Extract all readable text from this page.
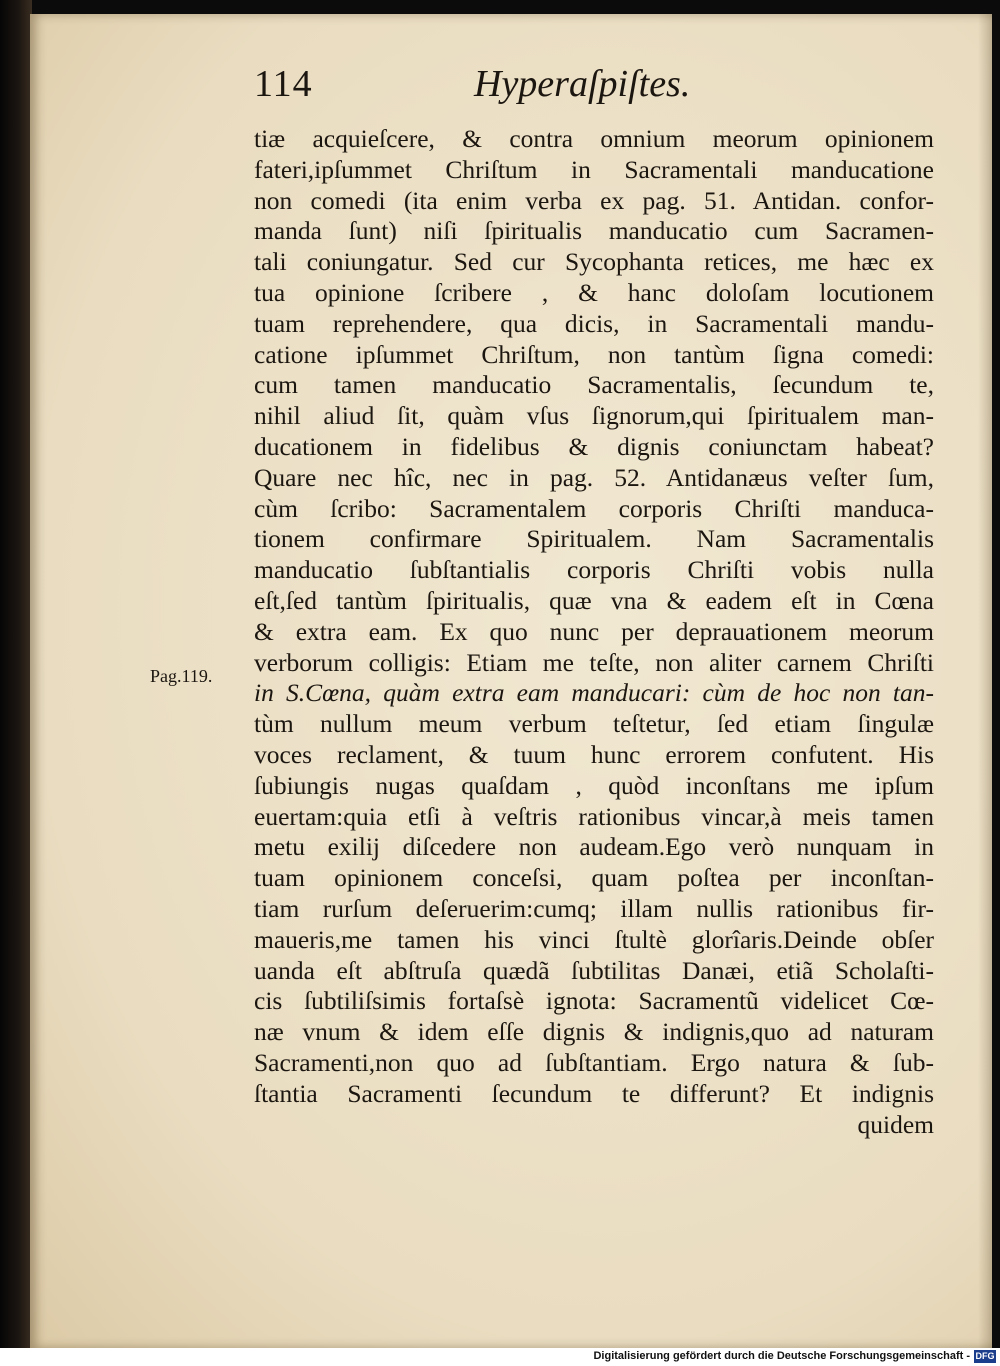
114	Hyperaſpiſtes.
Pag.119.
tiæ acquieſcere, & contra omnium meorum opinionem
fateri,ipſummet Chriſtum in Sacramentali manducatione
non comedi (ita enim verba ex pag. 51. Antidan. confor-
manda ſunt) niſi ſpiritualis manducatio cum Sacramen-
tali coniungatur. Sed cur Sycophanta retices, me hæc ex
tua opinione ſcribere , & hanc doloſam locutionem
tuam reprehendere, qua dicis, in Sacramentali mandu-
catione ipſummet Chriſtum, non tantùm ſigna comedi:
cum tamen manducatio Sacramentalis, ſecundum te,
nihil aliud ſit, quàm vſus ſignorum,qui ſpiritualem man-
ducationem in fidelibus & dignis coniunctam habeat?
Quare nec hîc, nec in pag. 52. Antidanæus veſter ſum,
cùm ſcribo: Sacramentalem corporis Chriſti manduca-
tionem confirmare Spiritualem. Nam Sacramentalis
manducatio ſubſtantialis corporis Chriſti vobis nulla
eſt,ſed tantùm ſpiritualis, quæ vna & eadem eſt in Cœna
& extra eam. Ex quo nunc per deprauationem meorum
verborum colligis: Etiam me teſte, non aliter carnem Chriſti
in S.Cœna, quàm extra eam manducari: cùm de hoc non tan-
tùm nullum meum verbum teſtetur, ſed etiam ſingulæ
voces reclament, & tuum hunc errorem confutent. His
ſubiungis nugas quaſdam , quòd inconſtans me ipſum
euertam:quia etſi à veſtris rationibus vincar,à meis tamen
metu exilij diſcedere non audeam.Ego verò nunquam in
tuam opinionem conceſsi, quam poſtea per inconſtan-
tiam rurſum deſeruerim:cumq; illam nullis rationibus fir-
maueris,me tamen his vinci ſtultè glorîaris.Deinde obſer
uanda eſt abſtruſa quædã ſubtilitas Danæi, etiã Scholaſti-
cis ſubtiliſsimis fortaſsè ignota: Sacramentũ videlicet Cœ-
næ vnum & idem eſſe dignis & indignis,quo ad naturam
Sacramenti,non quo ad ſubſtantiam. Ergo natura & ſub-
ſtantia Sacramenti ſecundum te differunt? Et indignis
quidem
Digitalisierung gefördert durch die Deutsche Forschungsgemeinschaft - DFG
